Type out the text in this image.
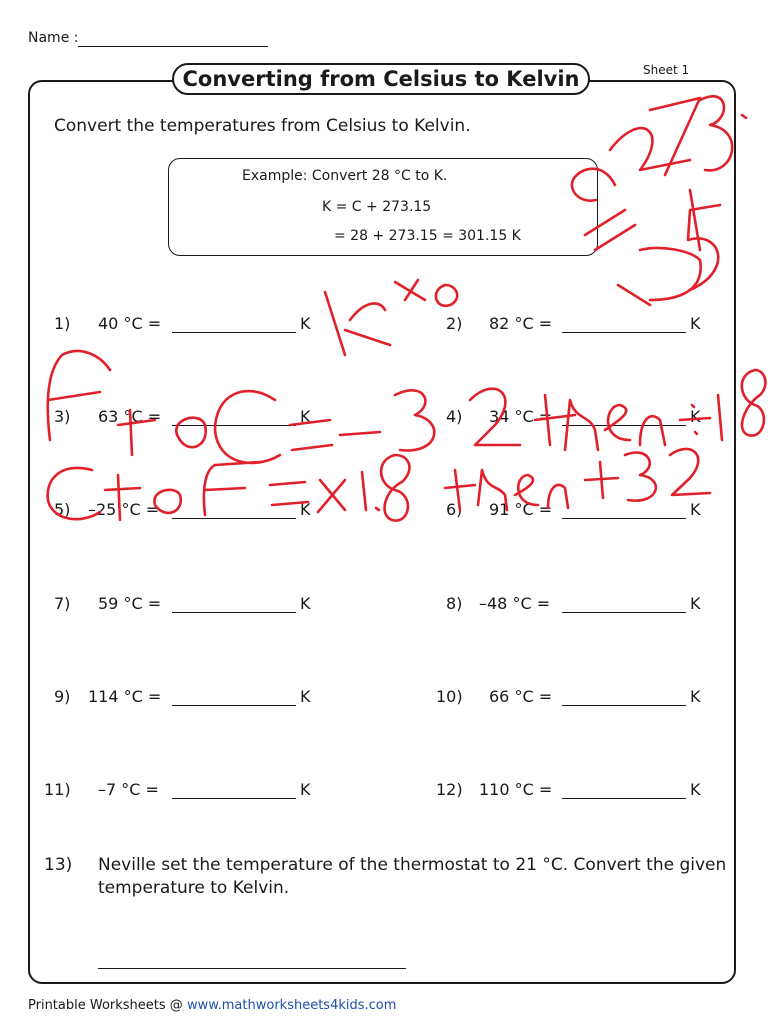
Name :
Sheet 1
Converting from Celsius to Kelvin
Convert the temperatures from Celsius to Kelvin.
Example: Convert 28 °C to K.
K = C + 273.15
= 28 + 273.15 = 301.15 K
1)	40 °C =	K	2)	82 °C =	K
3)	63 °C =	K	4)	34 °C =	K
5)	–25 °C =	K	6)	91 °C =	K
7)	59 °C =	K	8)	–48 °C =	K
9)	114 °C =	K	10)	66 °C =	K
11)	–7 °C =	K	12)	110 °C =	K
13) Neville set the temperature of the thermostat to 21 °C. Convert the given
temperature to Kelvin.
Printable Worksheets @ www.mathworksheets4kids.com
